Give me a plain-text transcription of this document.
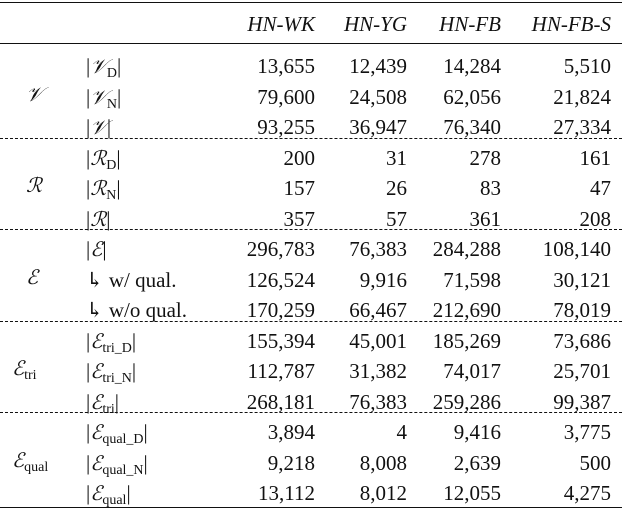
HN-WK	HN-YG	HN-FB	HN-FB-S
|𝒱$_D$|	13,655	12,439	14,284	5,510
|𝒱$_N$|	79,600	24,508	62,056	21,824
|𝒱|	93,255	36,947	76,340	27,334
𝒱
|ℛ$_D$|	200	31	278	161
|ℛ$_N$|	157	26	83	47
|ℛ|	357	57	361	208
ℛ
|ℰ|	296,783	76,383	284,288	108,140
↳ w/ qual.	126,524	9,916	71,598	30,121
↳ w/o qual.	170,259	66,467	212,690	78,019
ℰ
|ℰ$_{tri\_D}$|	155,394	45,001	185,269	73,686
|ℰ$_{tri\_N}$|	112,787	31,382	74,017	25,701
|ℰ$_{tri}$|	268,181	76,383	259,286	99,387
ℰ$_{tri}$
|ℰ$_{qual\_D}$|	3,894	4	9,416	3,775
|ℰ$_{qual\_N}$|	9,218	8,008	2,639	500
|ℰ$_{qual}$|	13,112	8,012	12,055	4,275
ℰ$_{qual}$
